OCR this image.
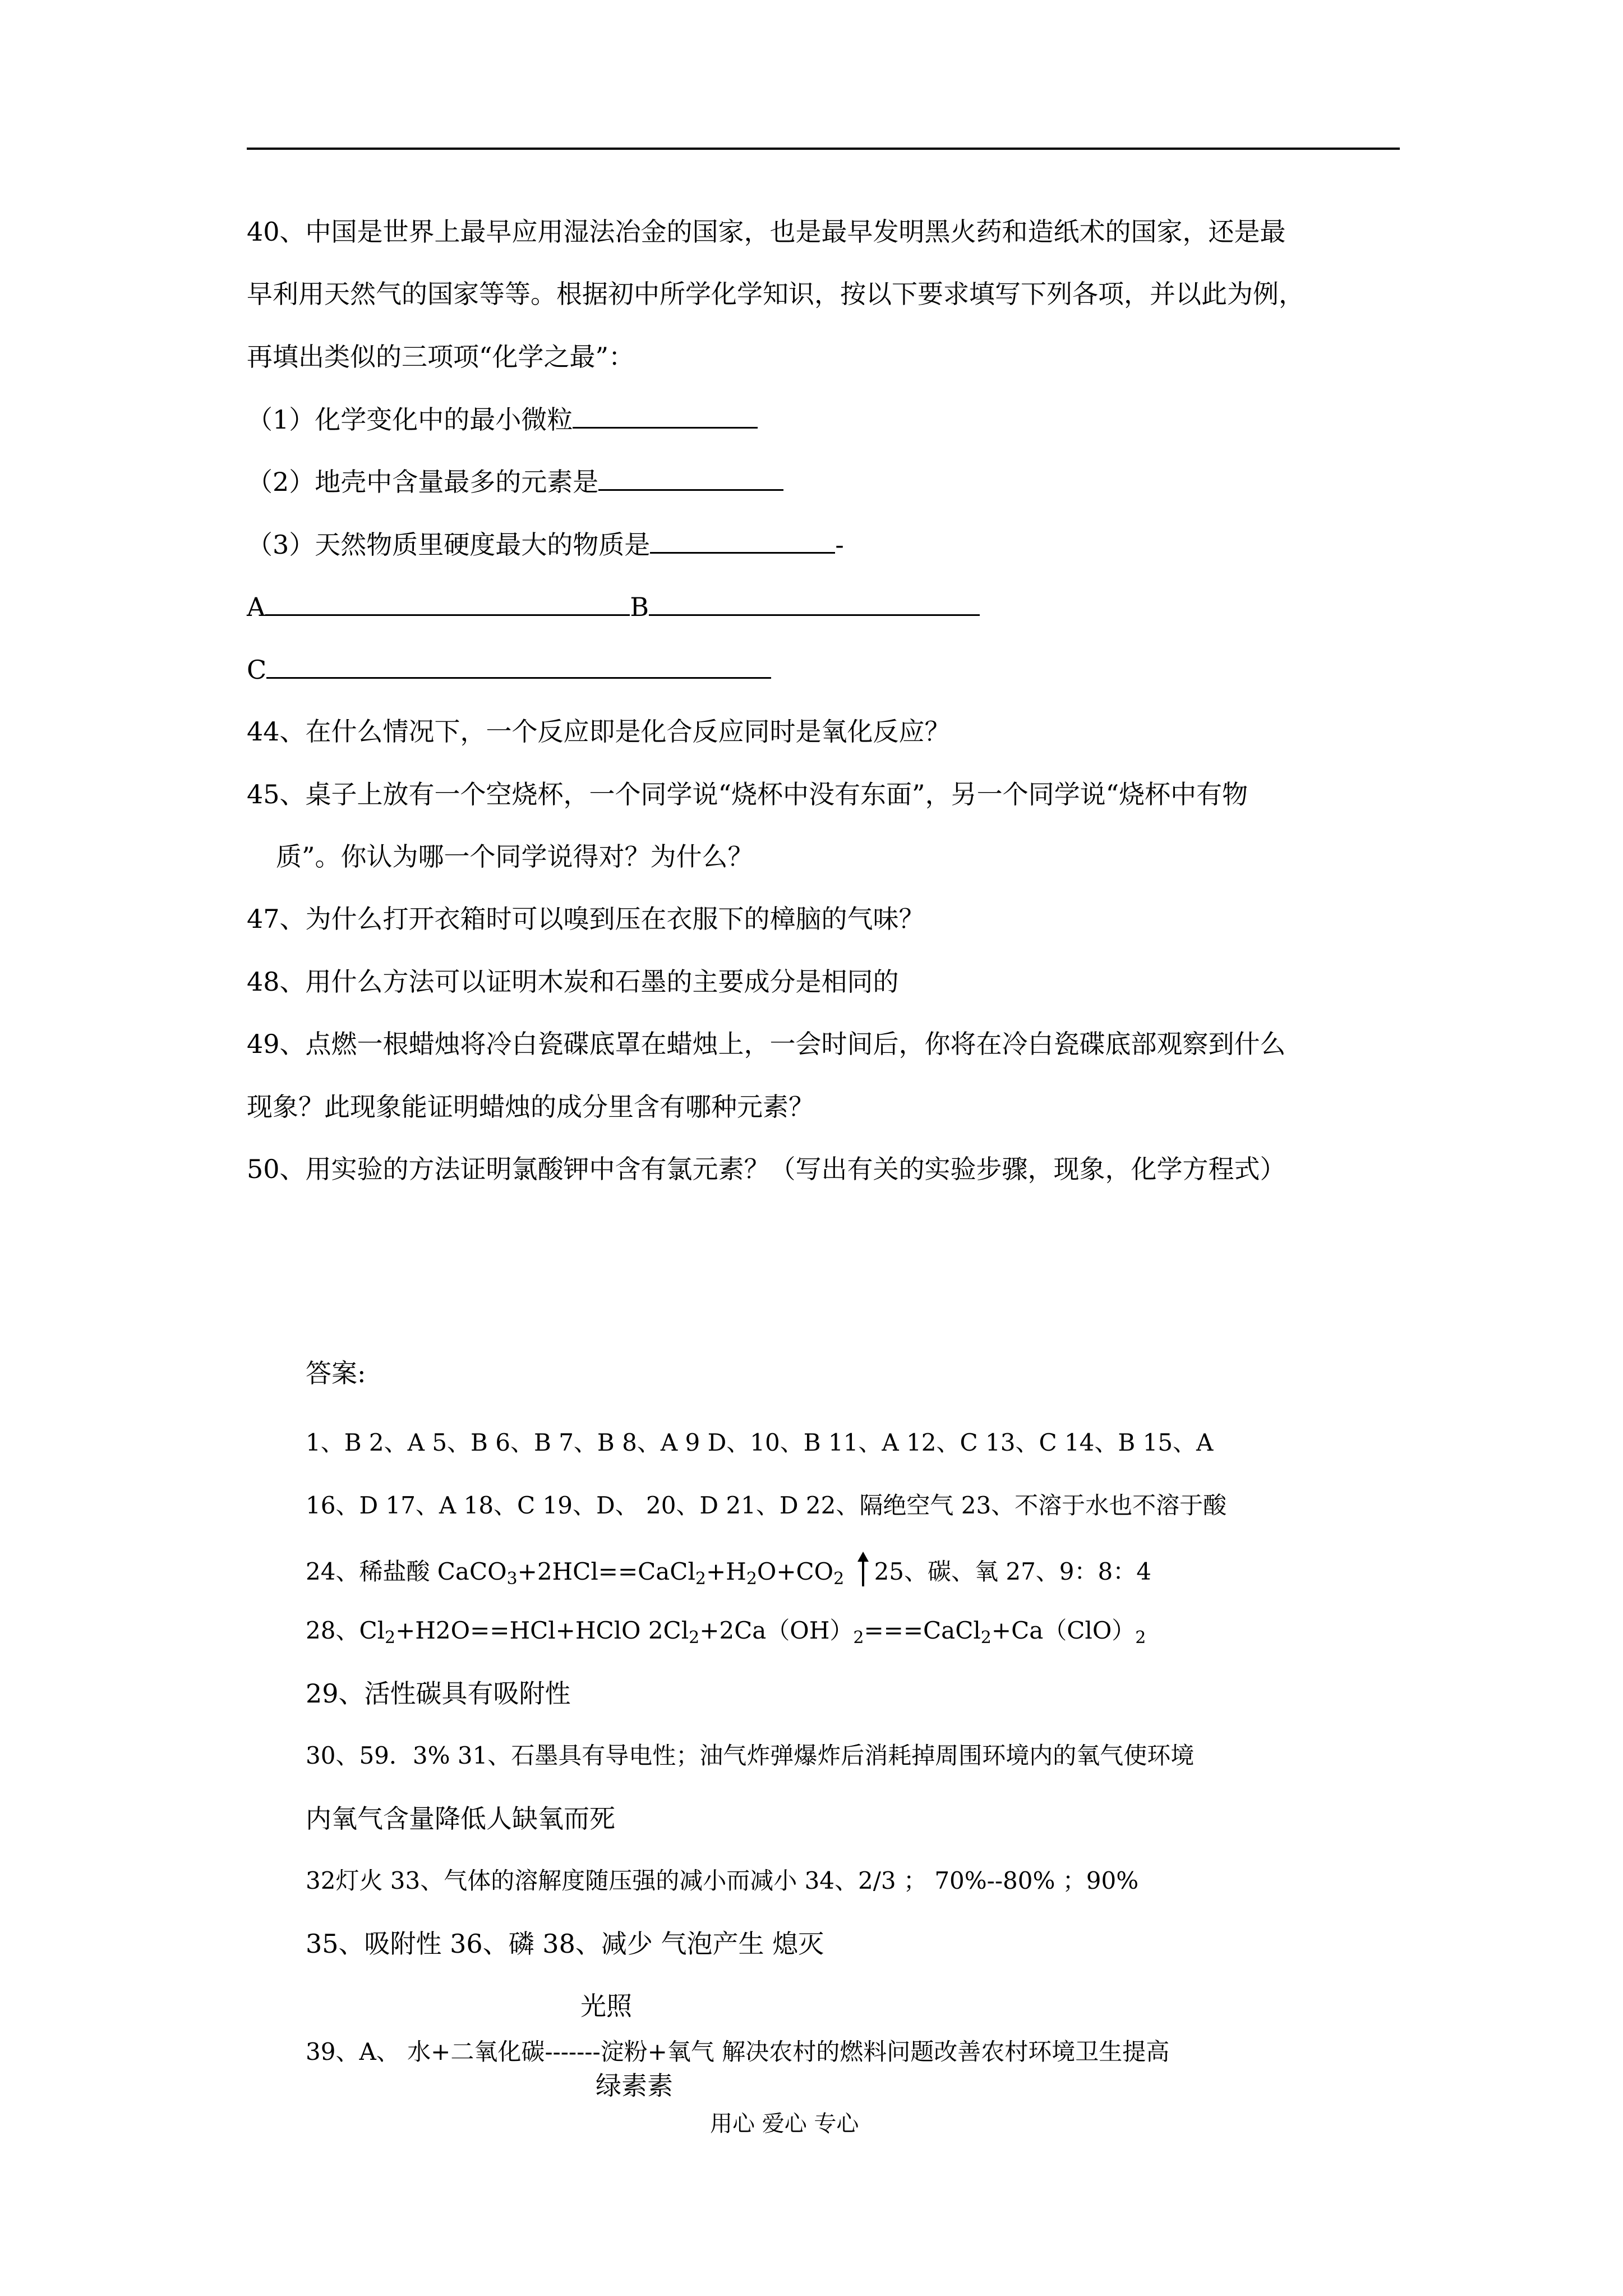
40、中国是世界上最早应用湿法冶金的国家，也是最早发明黑火药和造纸术的国家，还是最
早利用天然气的国家等等。根据初中所学化学知识，按以下要求填写下列各项，并以此为例，
再填出类似的三项项“化学之最”：
（1）化学变化中的最小微粒
（2）地壳中含量最多的元素是
（3）天然物质里硬度最大的物质是	-
A	B
C
44、在什么情况下，一个反应即是化合反应同时是氧化反应？
45、桌子上放有一个空烧杯，一个同学说“烧杯中没有东面”，另一个同学说“烧杯中有物
质”。你认为哪一个同学说得对？为什么？
47、为什么打开衣箱时可以嗅到压在衣服下的樟脑的气味？
48、用什么方法可以证明木炭和石墨的主要成分是相同的
49、点燃一根蜡烛将冷白瓷碟底罩在蜡烛上，一会时间后，你将在冷白瓷碟底部观察到什么
现象？此现象能证明蜡烛的成分里含有哪种元素？
50、用实验的方法证明氯酸钾中含有氯元素？（写出有关的实验步骤，现象，化学方程式）
答案:
1、B 2、A 5、B 6、B 7、B 8、A 9 D、10、B 11、A 12、C 13、C 14、B 15、A
16、D 17、A 18、C 19、D、 20、D 21、D 22、隔绝空气 23、不溶于水也不溶于酸
24、稀盐酸 $CaCO_3+2HCl==CaCl_2+H_2O+CO_2$ 25、碳、氧 27、9：8：4
28、$Cl_2+H2O==HCl+HClO$ $2Cl_2+2Ca(OH)_2===CaCl_2+Ca(ClO)_2$
29、活性碳具有吸附性
30、59．3% 31、石墨具有导电性；油气炸弹爆炸后消耗掉周围环境内的氧气使环境
内氧气含量降低人缺氧而死
32灯火 33、气体的溶解度随压强的减小而减小 34、2/3 ； 70%--80% ；90%
35、吸附性 36、磷 38、减少 气泡产生 熄灭
光照
39、A、 水+二氧化碳-------淀粉+氧气 解决农村的燃料问题改善农村环境卫生提高
绿素素
用心 爱心 专心
